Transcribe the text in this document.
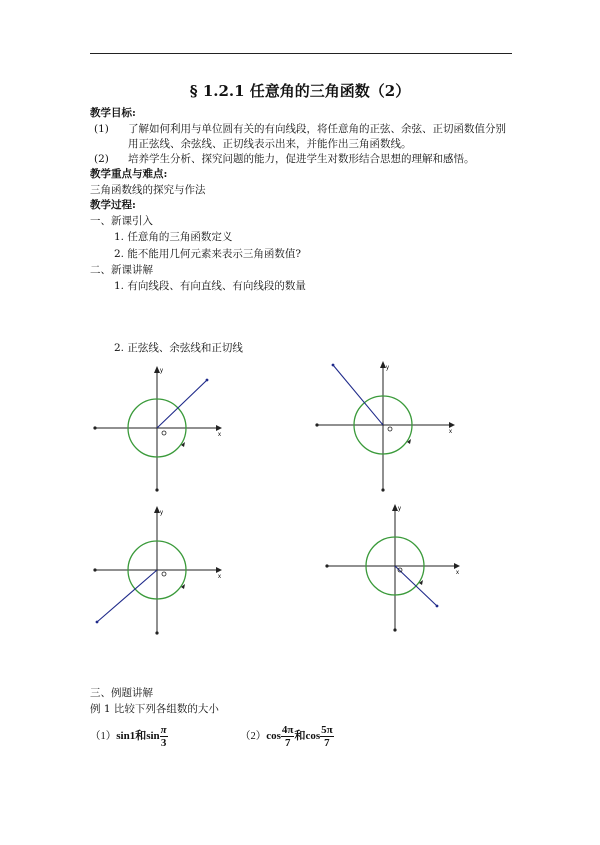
§ 1.2.1 任意角的三角函数（2）
教学目标:
(1) 了解如何利用与单位圆有关的有向线段，将任意角的正弦、余弦、正切函数值分别
用正弦线、余弦线、正切线表示出来，并能作出三角函数线。
(2) 培养学生分析、探究问题的能力，促进学生对数形结合思想的理解和感悟。
教学重点与难点:
三角函数线的探究与作法
教学过程:
一、新课引入
1. 任意角的三角函数定义
2. 能不能用几何元素来表示三角函数值?
二、新课讲解
1. 有向线段、有向直线、有向线段的数量
2. 正弦线、余弦线和正切线
y
x
y
x
y
x
y
x
三、例题讲解
例 1 比较下列各组数的大小
（1）sin1和$\sin \frac{\pi}{3}$	$(2)\cos \frac{4\pi}{7}$ 和$\cos \frac{5\pi}{7}$
